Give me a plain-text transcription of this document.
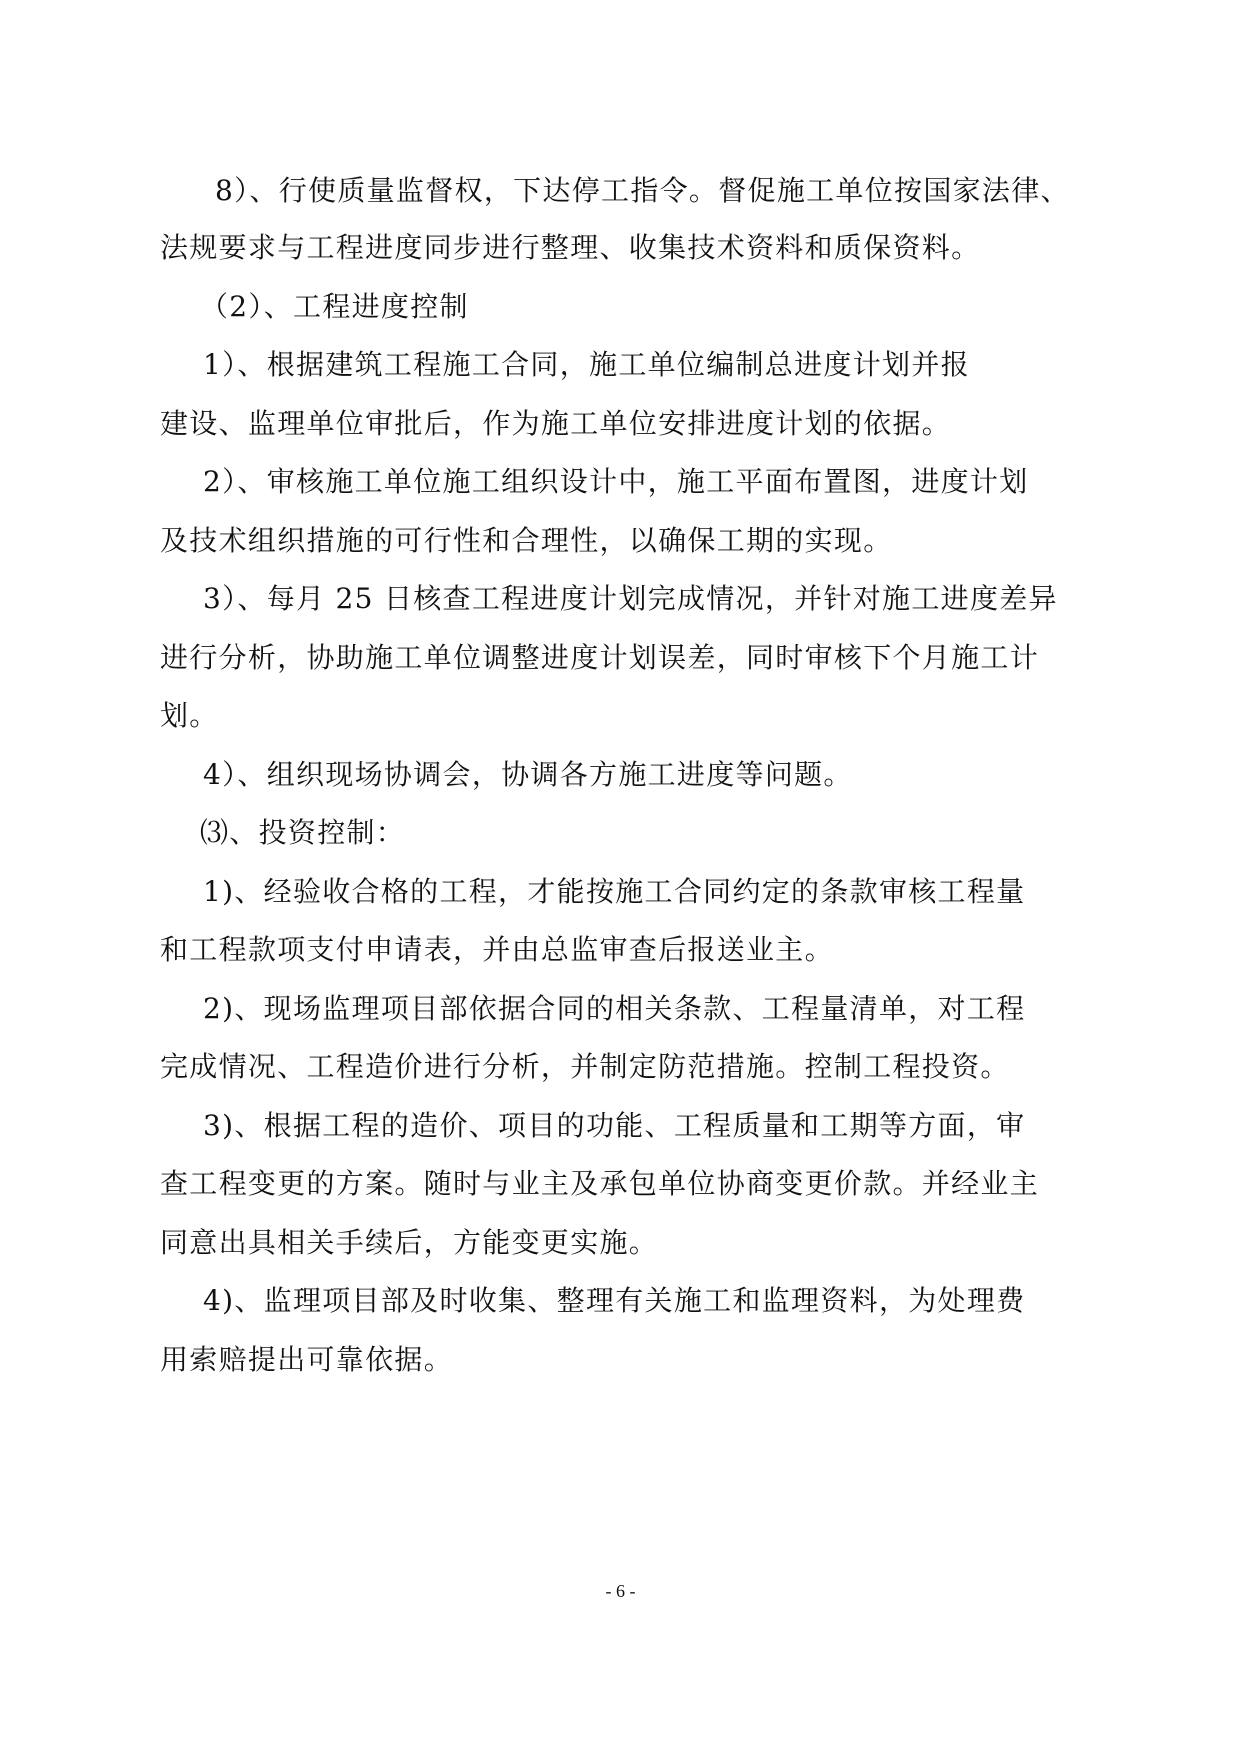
8）、行使质量监督权，下达停工指令。督促施工单位按国家法律、
法规要求与工程进度同步进行整理、收集技术资料和质保资料。
（2）、工程进度控制
1）、根据建筑工程施工合同，施工单位编制总进度计划并报
建设、监理单位审批后，作为施工单位安排进度计划的依据。
2）、审核施工单位施工组织设计中，施工平面布置图，进度计划
及技术组织措施的可行性和合理性，以确保工期的实现。
3）、每月 25 日核查工程进度计划完成情况，并针对施工进度差异
进行分析，协助施工单位调整进度计划误差，同时审核下个月施工计
划。
4）、组织现场协调会，协调各方施工进度等问题。
⑶、投资控制：
1)、经验收合格的工程，才能按施工合同约定的条款审核工程量
和工程款项支付申请表，并由总监审查后报送业主。
2)、现场监理项目部依据合同的相关条款、工程量清单，对工程
完成情况、工程造价进行分析，并制定防范措施。控制工程投资。
3)、根据工程的造价、项目的功能、工程质量和工期等方面，审
查工程变更的方案。随时与业主及承包单位协商变更价款。并经业主
同意出具相关手续后，方能变更实施。
4)、监理项目部及时收集、整理有关施工和监理资料，为处理费
用索赔提出可靠依据。
- 6 -
